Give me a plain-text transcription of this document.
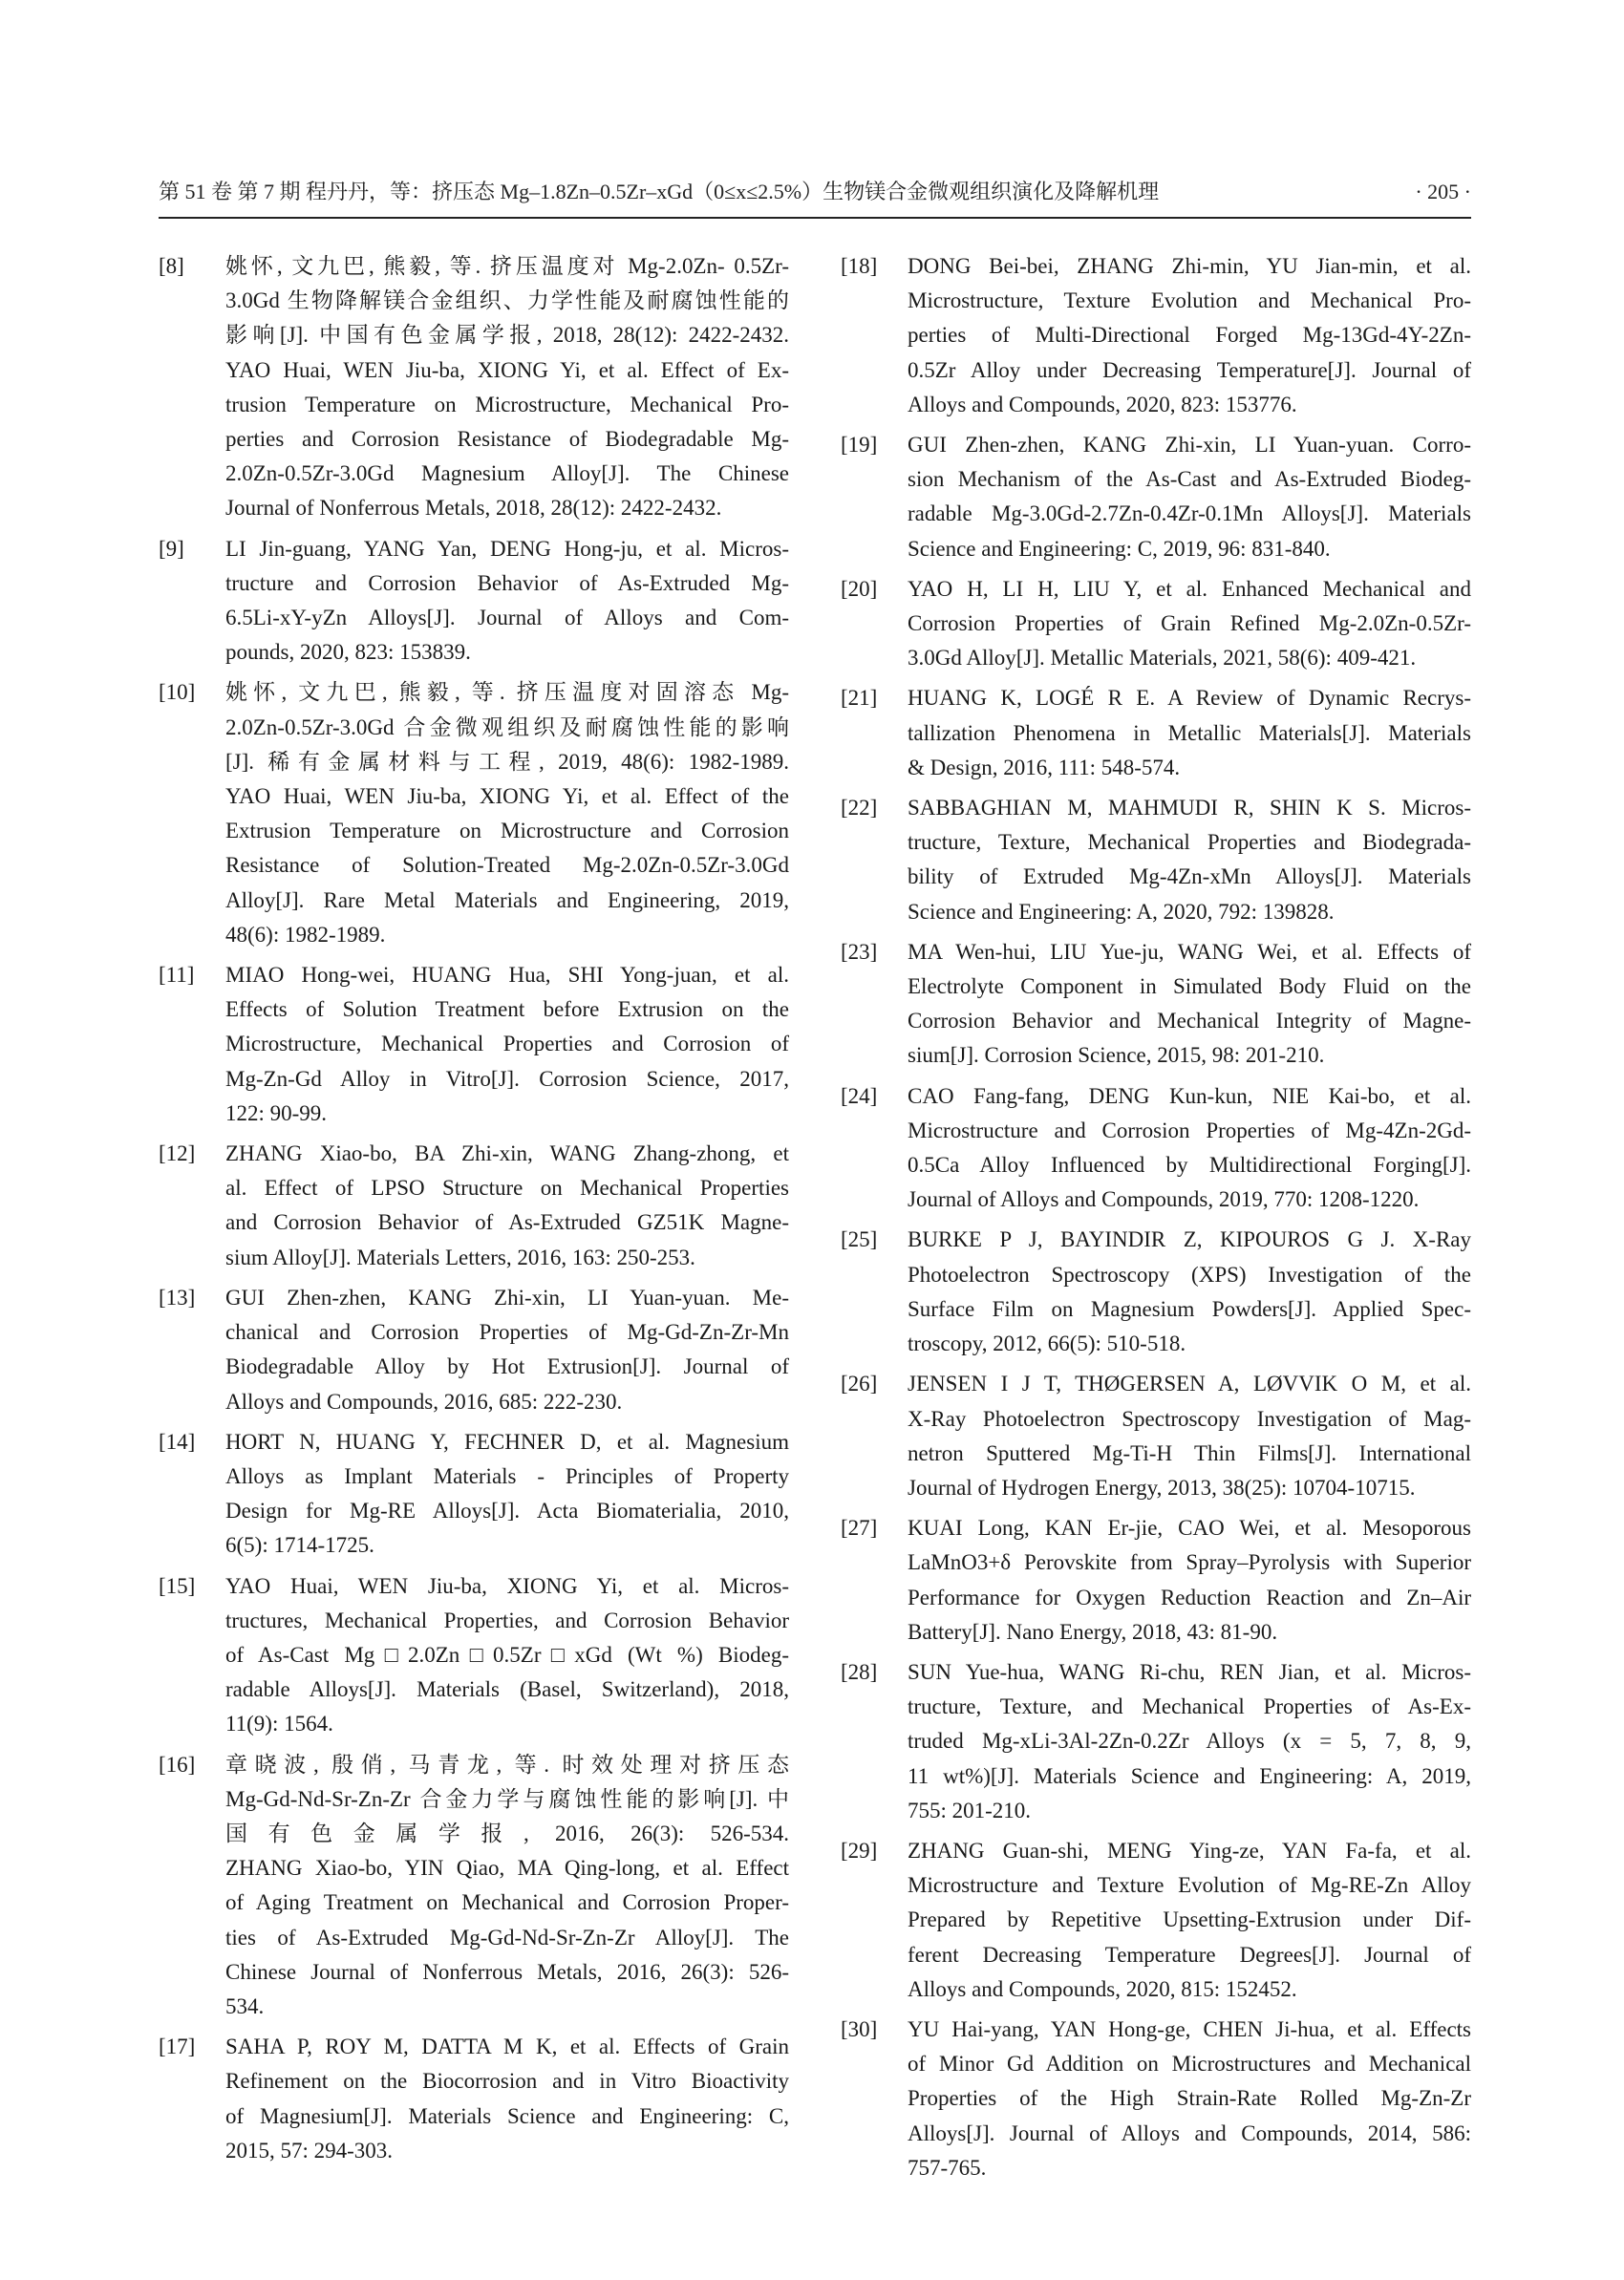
第 51 卷 第 7 期 程丹丹，等：挤压态 Mg–1.8Zn–0.5Zr–xGd（0≤x≤2.5%）生物镁合金微观组织演化及降解机理	· 205 ·
[8] 姚怀, 文九巴, 熊毅, 等. 挤压温度对 Mg-2.0Zn- 0.5Zr-
3.0Gd 生物降解镁合金组织、力学性能及耐腐蚀性能的
影响[J]. 中国有色金属学报, 2018, 28(12): 2422-2432.
YAO Huai, WEN Jiu-ba, XIONG Yi, et al. Effect of Ex-
trusion Temperature on Microstructure, Mechanical Pro-
perties and Corrosion Resistance of Biodegradable Mg-
2.0Zn-0.5Zr-3.0Gd Magnesium Alloy[J]. The Chinese
Journal of Nonferrous Metals, 2018, 28(12): 2422-2432.
[9] LI Jin-guang, YANG Yan, DENG Hong-ju, et al. Micros-
tructure and Corrosion Behavior of As-Extruded Mg-
6.5Li-xY-yZn Alloys[J]. Journal of Alloys and Com-
pounds, 2020, 823: 153839.
[10] 姚怀, 文九巴, 熊毅, 等. 挤压温度对固溶态 Mg-
2.0Zn-0.5Zr-3.0Gd 合金微观组织及耐腐蚀性能的影响
[J]. 稀有金属材料与工程, 2019, 48(6): 1982-1989.
YAO Huai, WEN Jiu-ba, XIONG Yi, et al. Effect of the
Extrusion Temperature on Microstructure and Corrosion
Resistance of Solution-Treated Mg-2.0Zn-0.5Zr-3.0Gd
Alloy[J]. Rare Metal Materials and Engineering, 2019,
48(6): 1982-1989.
[11] MIAO Hong-wei, HUANG Hua, SHI Yong-juan, et al.
Effects of Solution Treatment before Extrusion on the
Microstructure, Mechanical Properties and Corrosion of
Mg-Zn-Gd Alloy in Vitro[J]. Corrosion Science, 2017,
122: 90-99.
[12] ZHANG Xiao-bo, BA Zhi-xin, WANG Zhang-zhong, et
al. Effect of LPSO Structure on Mechanical Properties
and Corrosion Behavior of As-Extruded GZ51K Magne-
sium Alloy[J]. Materials Letters, 2016, 163: 250-253.
[13] GUI Zhen-zhen, KANG Zhi-xin, LI Yuan-yuan. Me-
chanical and Corrosion Properties of Mg-Gd-Zn-Zr-Mn
Biodegradable Alloy by Hot Extrusion[J]. Journal of
Alloys and Compounds, 2016, 685: 222-230.
[14] HORT N, HUANG Y, FECHNER D, et al. Magnesium
Alloys as Implant Materials - Principles of Property
Design for Mg-RE Alloys[J]. Acta Biomaterialia, 2010,
6(5): 1714-1725.
[15] YAO Huai, WEN Jiu-ba, XIONG Yi, et al. Micros-
tructures, Mechanical Properties, and Corrosion Behavior
of As-Cast Mg□2.0Zn□0.5Zr□xGd (Wt %) Biodeg-
radable Alloys[J]. Materials (Basel, Switzerland), 2018,
11(9): 1564.
[16] 章晓波, 殷俏, 马青龙, 等. 时效处理对挤压态
Mg-Gd-Nd-Sr-Zn-Zr 合金力学与腐蚀性能的影响[J]. 中
国有色金属学报, 2016, 26(3): 526-534.
ZHANG Xiao-bo, YIN Qiao, MA Qing-long, et al. Effect
of Aging Treatment on Mechanical and Corrosion Proper-
ties of As-Extruded Mg-Gd-Nd-Sr-Zn-Zr Alloy[J]. The
Chinese Journal of Nonferrous Metals, 2016, 26(3): 526-
534.
[17] SAHA P, ROY M, DATTA M K, et al. Effects of Grain
Refinement on the Biocorrosion and in Vitro Bioactivity
of Magnesium[J]. Materials Science and Engineering: C,
2015, 57: 294-303.
[18] DONG Bei-bei, ZHANG Zhi-min, YU Jian-min, et al.
Microstructure, Texture Evolution and Mechanical Pro-
perties of Multi-Directional Forged Mg-13Gd-4Y-2Zn-
0.5Zr Alloy under Decreasing Temperature[J]. Journal of
Alloys and Compounds, 2020, 823: 153776.
[19] GUI Zhen-zhen, KANG Zhi-xin, LI Yuan-yuan. Corro-
sion Mechanism of the As-Cast and As-Extruded Biodeg-
radable Mg-3.0Gd-2.7Zn-0.4Zr-0.1Mn Alloys[J]. Materials
Science and Engineering: C, 2019, 96: 831-840.
[20] YAO H, LI H, LIU Y, et al. Enhanced Mechanical and
Corrosion Properties of Grain Refined Mg-2.0Zn-0.5Zr-
3.0Gd Alloy[J]. Metallic Materials, 2021, 58(6): 409-421.
[21] HUANG K, LOGÉ R E. A Review of Dynamic Recrys-
tallization Phenomena in Metallic Materials[J]. Materials
& Design, 2016, 111: 548-574.
[22] SABBAGHIAN M, MAHMUDI R, SHIN K S. Micros-
tructure, Texture, Mechanical Properties and Biodegrada-
bility of Extruded Mg-4Zn-xMn Alloys[J]. Materials
Science and Engineering: A, 2020, 792: 139828.
[23] MA Wen-hui, LIU Yue-ju, WANG Wei, et al. Effects of
Electrolyte Component in Simulated Body Fluid on the
Corrosion Behavior and Mechanical Integrity of Magne-
sium[J]. Corrosion Science, 2015, 98: 201-210.
[24] CAO Fang-fang, DENG Kun-kun, NIE Kai-bo, et al.
Microstructure and Corrosion Properties of Mg-4Zn-2Gd-
0.5Ca Alloy Influenced by Multidirectional Forging[J].
Journal of Alloys and Compounds, 2019, 770: 1208-1220.
[25] BURKE P J, BAYINDIR Z, KIPOUROS G J. X-Ray
Photoelectron Spectroscopy (XPS) Investigation of the
Surface Film on Magnesium Powders[J]. Applied Spec-
troscopy, 2012, 66(5): 510-518.
[26] JENSEN I J T, THØGERSEN A, LØVVIK O M, et al.
X-Ray Photoelectron Spectroscopy Investigation of Mag-
netron Sputtered Mg-Ti-H Thin Films[J]. International
Journal of Hydrogen Energy, 2013, 38(25): 10704-10715.
[27] KUAI Long, KAN Er-jie, CAO Wei, et al. Mesoporous
LaMnO3+δ Perovskite from Spray–Pyrolysis with Superior
Performance for Oxygen Reduction Reaction and Zn–Air
Battery[J]. Nano Energy, 2018, 43: 81-90.
[28] SUN Yue-hua, WANG Ri-chu, REN Jian, et al. Micros-
tructure, Texture, and Mechanical Properties of As-Ex-
truded Mg-xLi-3Al-2Zn-0.2Zr Alloys (x = 5, 7, 8, 9,
11 wt%)[J]. Materials Science and Engineering: A, 2019,
755: 201-210.
[29] ZHANG Guan-shi, MENG Ying-ze, YAN Fa-fa, et al.
Microstructure and Texture Evolution of Mg-RE-Zn Alloy
Prepared by Repetitive Upsetting-Extrusion under Dif-
ferent Decreasing Temperature Degrees[J]. Journal of
Alloys and Compounds, 2020, 815: 152452.
[30] YU Hai-yang, YAN Hong-ge, CHEN Ji-hua, et al. Effects
of Minor Gd Addition on Microstructures and Mechanical
Properties of the High Strain-Rate Rolled Mg-Zn-Zr
Alloys[J]. Journal of Alloys and Compounds, 2014, 586:
757-765.
